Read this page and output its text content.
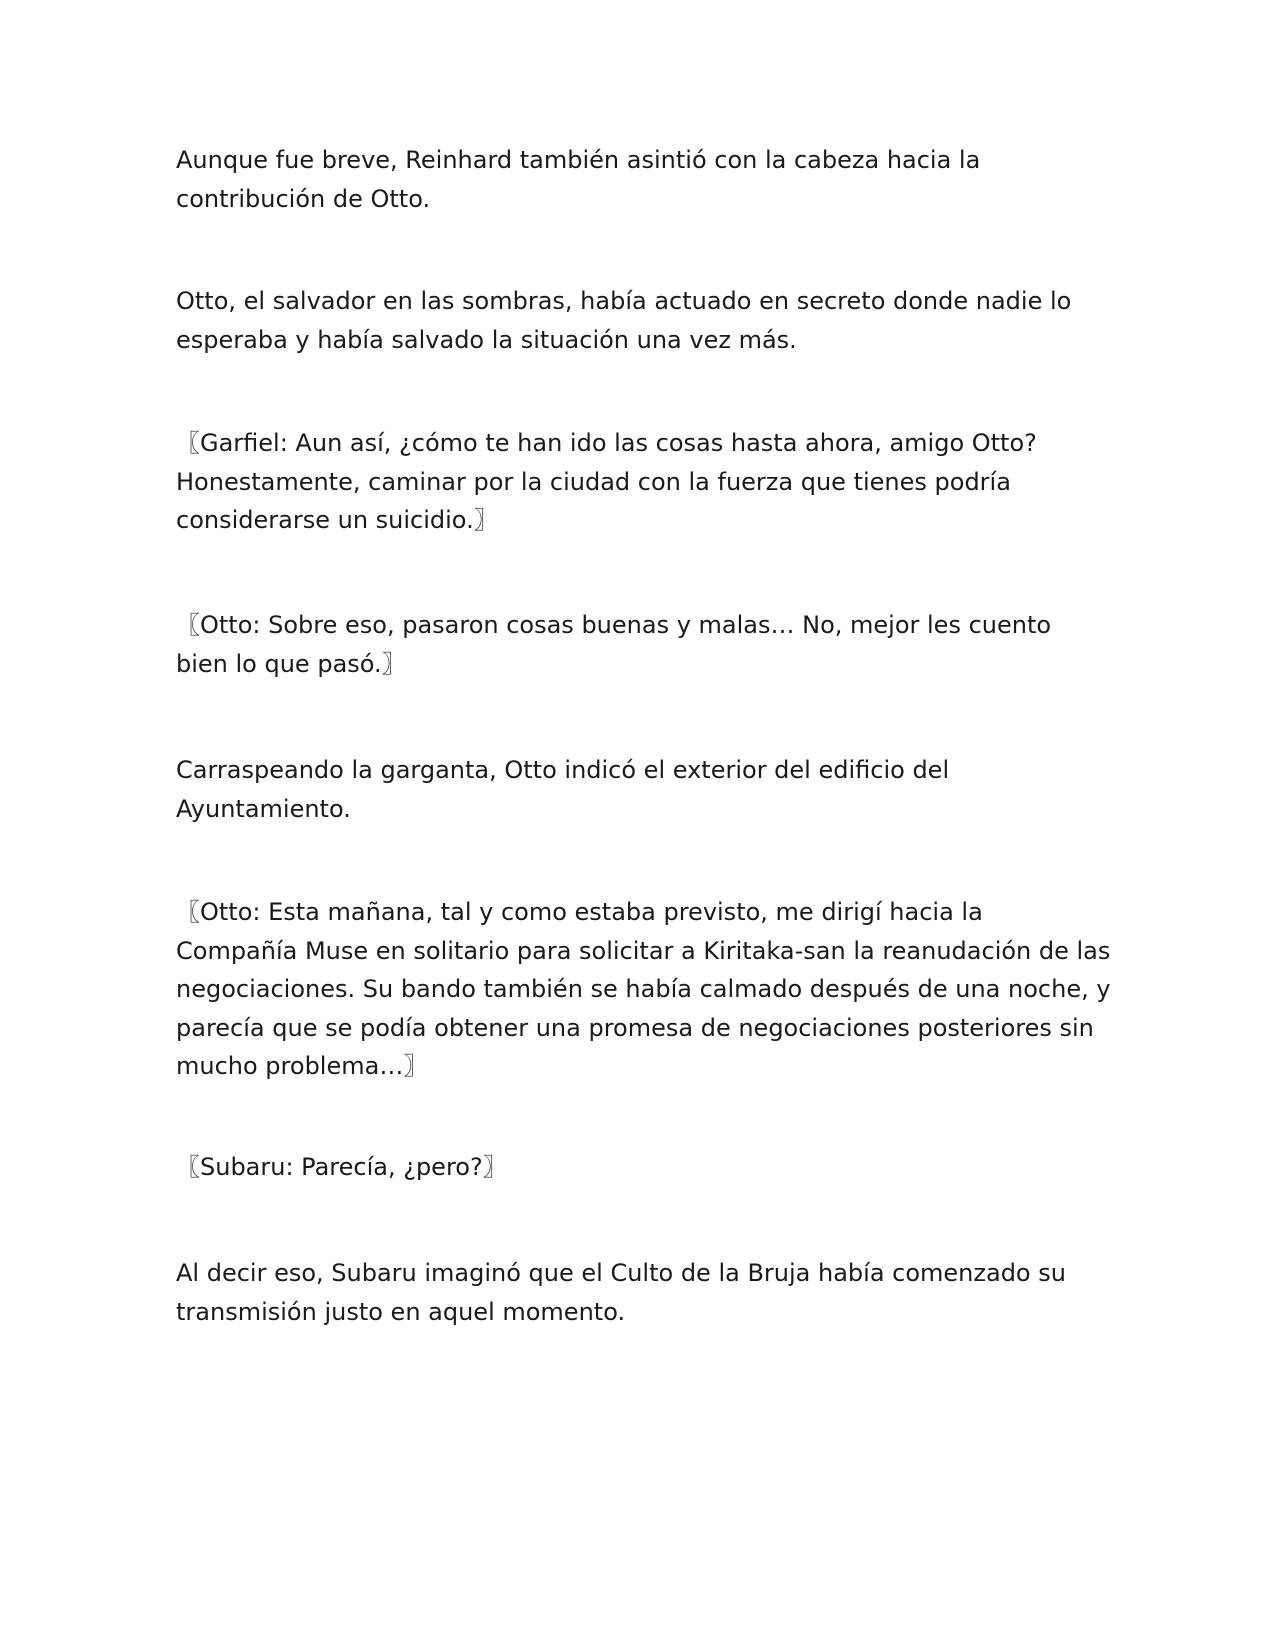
Aunque fue breve, Reinhard también asintió con la cabeza hacia la
contribución de Otto.

Otto, el salvador en las sombras, había actuado en secreto donde nadie lo
esperaba y había salvado la situación una vez más.

〖Garfiel: Aun así, ¿cómo te han ido las cosas hasta ahora, amigo Otto?
Honestamente, caminar por la ciudad con la fuerza que tienes podría
considerarse un suicidio.〗

〖Otto: Sobre eso, pasaron cosas buenas y malas… No, mejor les cuento
bien lo que pasó.〗

Carraspeando la garganta, Otto indicó el exterior del edificio del
Ayuntamiento.

〖Otto: Esta mañana, tal y como estaba previsto, me dirigí hacia la
Compañía Muse en solitario para solicitar a Kiritaka-san la reanudación de las
negociaciones. Su bando también se había calmado después de una noche, y
parecía que se podía obtener una promesa de negociaciones posteriores sin
mucho problema…〗

〖Subaru: Parecía, ¿pero?〗

Al decir eso, Subaru imaginó que el Culto de la Bruja había comenzado su
transmisión justo en aquel momento.
